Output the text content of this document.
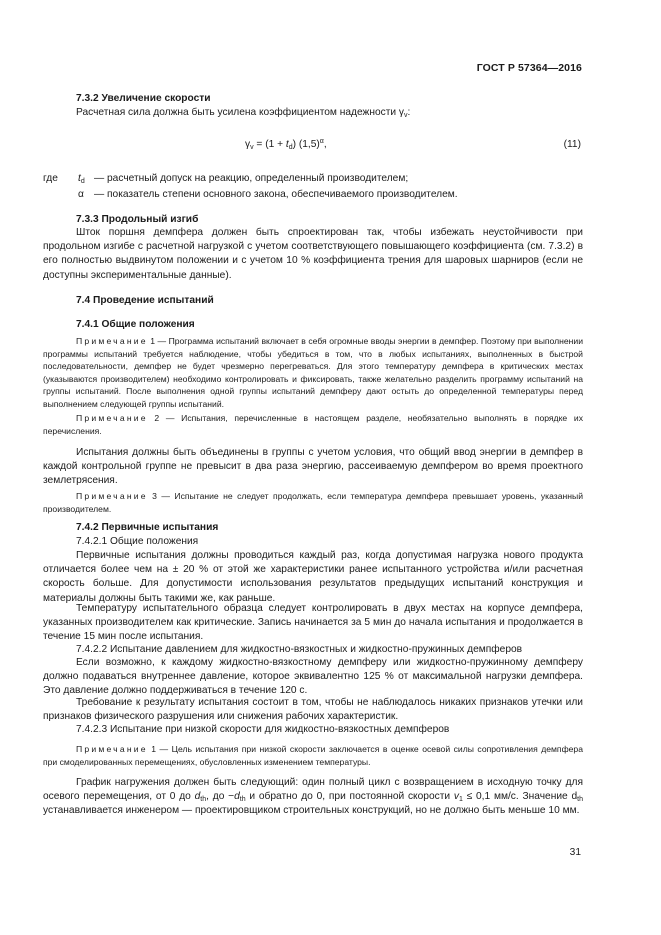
ГОСТ Р 57364—2016
7.3.2 Увеличение скорости
Расчетная сила должна быть усилена коэффициентом надежности $\gamma_v$:
$\gamma_v = (1 + t_d)$ $(1,5)^\alpha$,	(11)
где $t_d$ — расчетный допуск на реакцию, определенный производителем;
α — показатель степени основного закона, обеспечиваемого производителем.
7.3.3 Продольный изгиб
Шток поршня демпфера должен быть спроектирован так, чтобы избежать неустойчивости при продольном изгибе с расчетной нагрузкой с учетом соответствующего повышающего коэффициента (см. 7.3.2) в его полностью выдвинутом положении и с учетом 10 % коэффициента трения для шаровых шарниров (если не доступны экспериментальные данные).
7.4 Проведение испытаний
7.4.1 Общие положения
Примечание 1 — Программа испытаний включает в себя огромные вводы энергии в демпфер. Поэтому при выполнении программы испытаний требуется наблюдение, чтобы убедиться в том, что в любых испытаниях, выполненных в быстрой последовательности, демпфер не будет чрезмерно перегреваться. Для этого температуру демпфера в критических местах (указываются производителем) необходимо контролировать и фиксировать, также желательно разделить программу испытаний на группы испытаний. После выполнения одной группы испытаний демпферу дают остыть до определенной температуры перед выполнением следующей группы испытаний.
Примечание 2 — Испытания, перечисленные в настоящем разделе, необязательно выполнять в порядке их перечисления.
Испытания должны быть объединены в группы с учетом условия, что общий ввод энергии в демпфер в каждой контрольной группе не превысит в два раза энергию, рассеиваемую демпфером во время проектного землетрясения.
Примечание 3 — Испытание не следует продолжать, если температура демпфера превышает уровень, указанный производителем.
7.4.2 Первичные испытания
7.4.2.1 Общие положения
Первичные испытания должны проводиться каждый раз, когда допустимая нагрузка нового продукта отличается более чем на ± 20 % от этой же характеристики ранее испытанного устройства и/или расчетная скорость больше. Для допустимости использования результатов предыдущих испытаний конструкция и материалы должны быть такими же, как раньше.
Температуру испытательного образца следует контролировать в двух местах на корпусе демпфера, указанных производителем как критические. Запись начинается за 5 мин до начала испытания и продолжается в течение 15 мин после испытания.
7.4.2.2 Испытание давлением для жидкостно-вязкостных и жидкостно-пружинных демпферов
Если возможно, к каждому жидкостно-вязкостному демпферу или жидкостно-пружинному демпферу должно подаваться внутреннее давление, которое эквивалентно 125 % от максимальной нагрузки демпфера. Это давление должно поддерживаться в течение 120 с.
Требование к результату испытания состоит в том, чтобы не наблюдалось никаких признаков утечки или признаков физического разрушения или снижения рабочих характеристик.
7.4.2.3 Испытание при низкой скорости для жидкостно-вязкостных демпферов
Примечание 1 — Цель испытания при низкой скорости заключается в оценке осевой силы сопротивления демпфера при смоделированных перемещениях, обусловленных изменением температуры.
График нагружения должен быть следующий: один полный цикл с возвращением в исходную точку для осевого перемещения, от 0 до $d_{th}$, до $-d_{th}$ и обратно до 0, при постоянной скорости $v_1 \le 0,1$ мм/с. Значение $d_{th}$ устанавливается инженером — проектировщиком строительных конструкций, но не должно быть меньше 10 мм.
31
